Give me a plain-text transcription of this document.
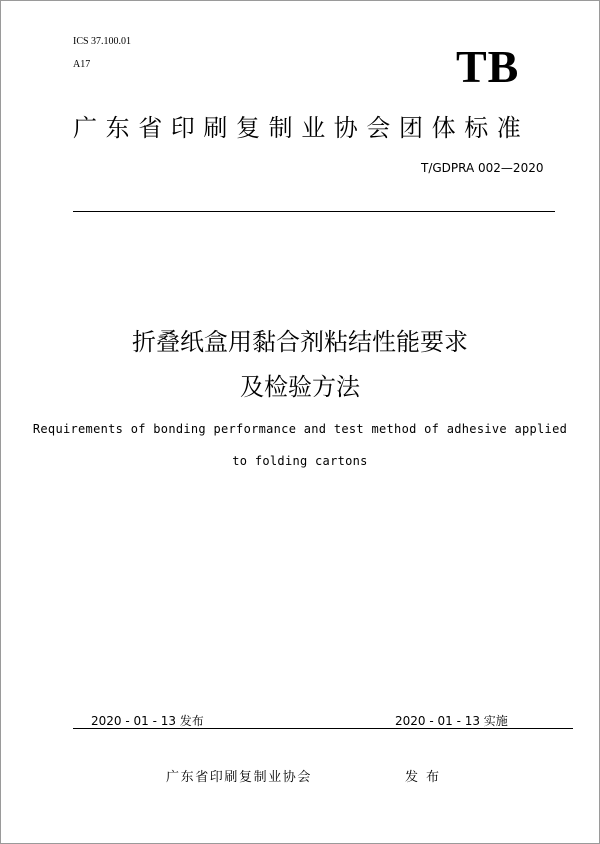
ICS 37.100.01
A17	TB
广东省印刷复制业协会团体标准
T/GDPRA 002—2020
折叠纸盒用黏合剂粘结性能要求
及检验方法
Requirements of bonding performance and test method of adhesive applied
to folding cartons
2020 - 01 - 13 发布	2020 - 01 - 13 实施
广东省印刷复制业协会	发布
